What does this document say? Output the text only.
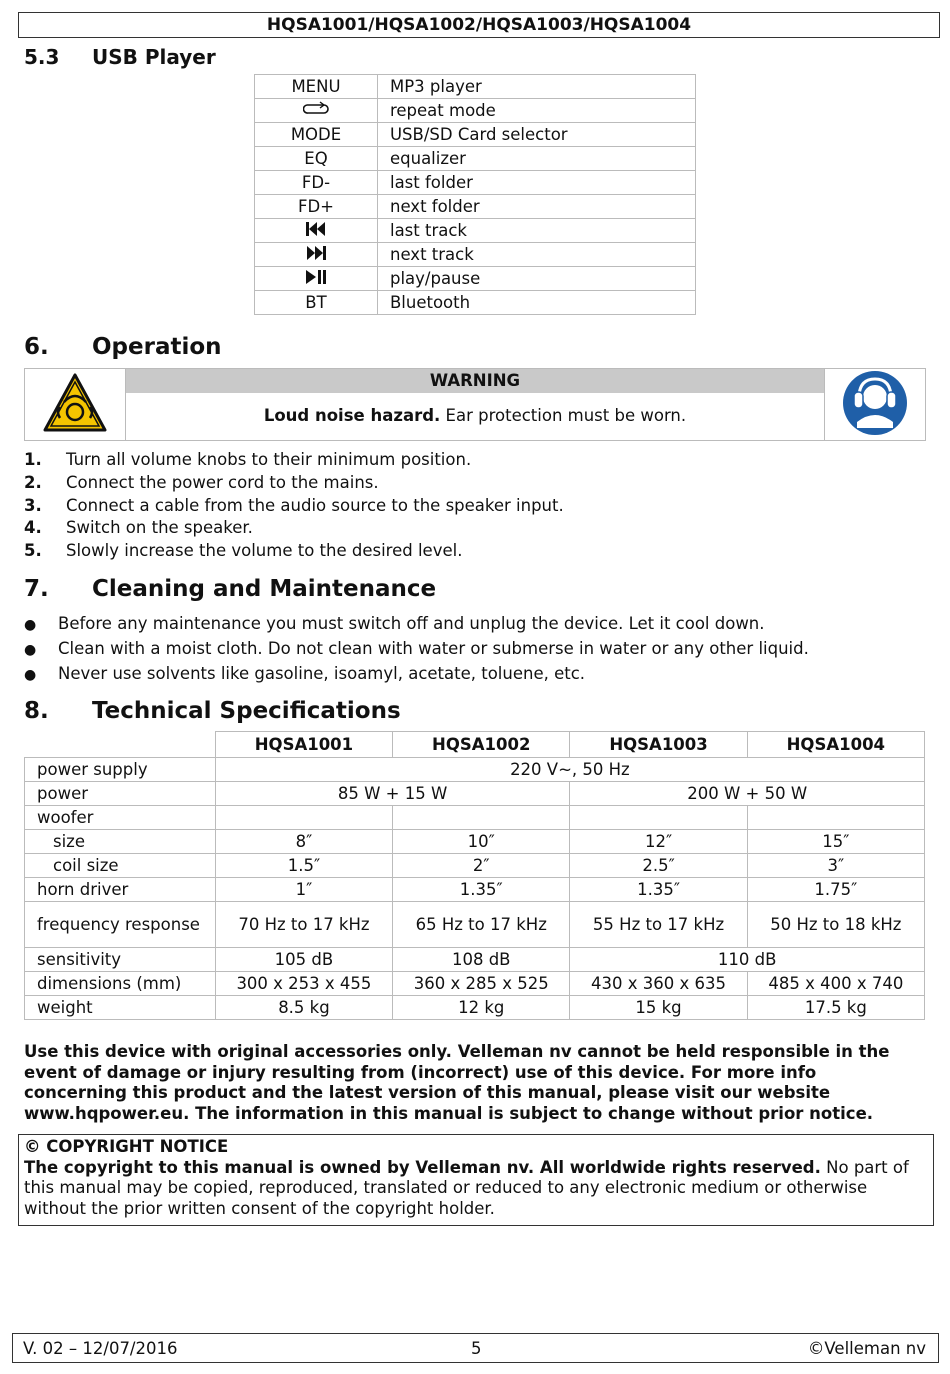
HQSA1001/HQSA1002/HQSA1003/HQSA1004
5.3 USB Player
MENU	MP3 player
	repeat mode
MODE	USB/SD Card selector
EQ	equalizer
FD-	last folder
FD+	next folder
	last track
	next track
	play/pause
BT	Bluetooth
6. Operation

WARNING
Loud noise hazard. Ear protection must be worn.

1. Turn all volume knobs to their minimum position.
2. Connect the power cord to the mains.
3. Connect a cable from the audio source to the speaker input.
4. Switch on the speaker.
5. Slowly increase the volume to the desired level.
7. Cleaning and Maintenance
● Before any maintenance you must switch off and unplug the device. Let it cool down.
● Clean with a moist cloth. Do not clean with water or submerse in water or any other liquid.
● Never use solvents like gasoline, isoamyl, acetate, toluene, etc.
8. Technical Specifications
	HQSA1001	HQSA1002	HQSA1003	HQSA1004
power supply	220 V~, 50 Hz			
power	85 W + 15 W		200 W + 50 W	
woofer				
size	8″	10″	12″	15″
coil size	1.5″	2″	2.5″	3″
horn driver	1″	1.35″	1.35″	1.75″
frequency response	70 Hz to 17 kHz	65 Hz to 17 kHz	55 Hz to 17 kHz	50 Hz to 18 kHz
sensitivity	105 dB	108 dB	110 dB	
dimensions (mm)	300 x 253 x 455	360 x 285 x 525	430 x 360 x 635	485 x 400 x 740
weight	8.5 kg	12 kg	15 kg	17.5 kg
Use this device with original accessories only. Velleman nv cannot be held responsible in the event of damage or injury resulting from (incorrect) use of this device. For more info concerning this product and the latest version of this manual, please visit our website www.hqpower.eu. The information in this manual is subject to change without prior notice.
© COPYRIGHT NOTICE
The copyright to this manual is owned by Velleman nv. All worldwide rights reserved. No part of this manual may be copied, reproduced, translated or reduced to any electronic medium or otherwise without the prior written consent of the copyright holder.
V. 02 – 12/07/2016	5	©Velleman nv
